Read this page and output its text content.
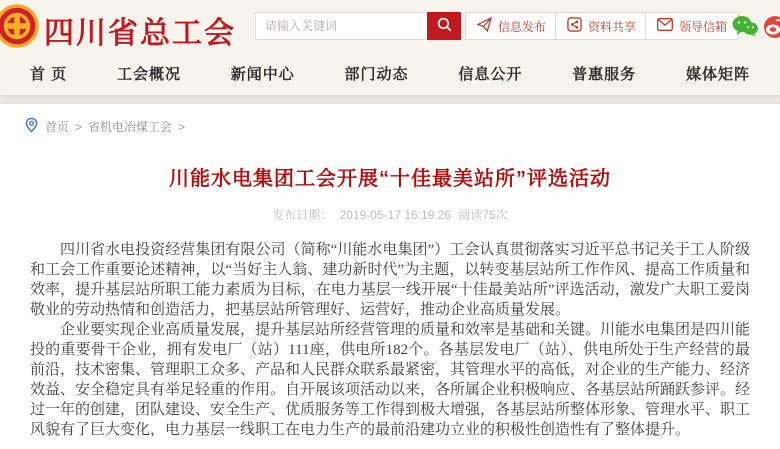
四川省总工会
请输入关键词	信息发布	资料共享	领导信箱
首 页	工会概况	新闻中心	部门动态	信息公开	普惠服务	媒体矩阵
首页 > 省机电冶煤工会 >
川能水电集团工会开展“十佳最美站所”评选活动
发布日期： 2019-05-17 16:19:26 阅读75次

四川省水电投资经营集团有限公司（简称“川能水电集团”）工会认真贯彻落实习近平总书记关于工人阶级和工会工作重要论述精神，以“当好主人翁、建功新时代”为主题，以转变基层站所工作作风、提高工作质量和效率，提升基层站所职工能力素质为目标，在电力基层一线开展“十佳最美站所”评选活动，激发广大职工爱岗敬业的劳动热情和创造活力，把基层站所管理好、运营好，推动企业高质量发展。

企业要实现企业高质量发展，提升基层站所经营管理的质量和效率是基础和关键。川能水电集团是四川能投的重要骨干企业，拥有发电厂（站）111座，供电所182个。各基层发电厂（站）、供电所处于生产经营的最前沿，技术密集、管理职工众多、产品和人民群众联系最紧密，其管理水平的高低，对企业的生产能力、经济效益、安全稳定具有举足轻重的作用。自开展该项活动以来，各所属企业积极响应、各基层站所踊跃参评。经过一年的创建，团队建设、安全生产、优质服务等工作得到极大增强，各基层站所整体形象、管理水平、职工风貌有了巨大变化，电力基层一线职工在电力生产的最前沿建功立业的积极性创造性有了整体提升。
